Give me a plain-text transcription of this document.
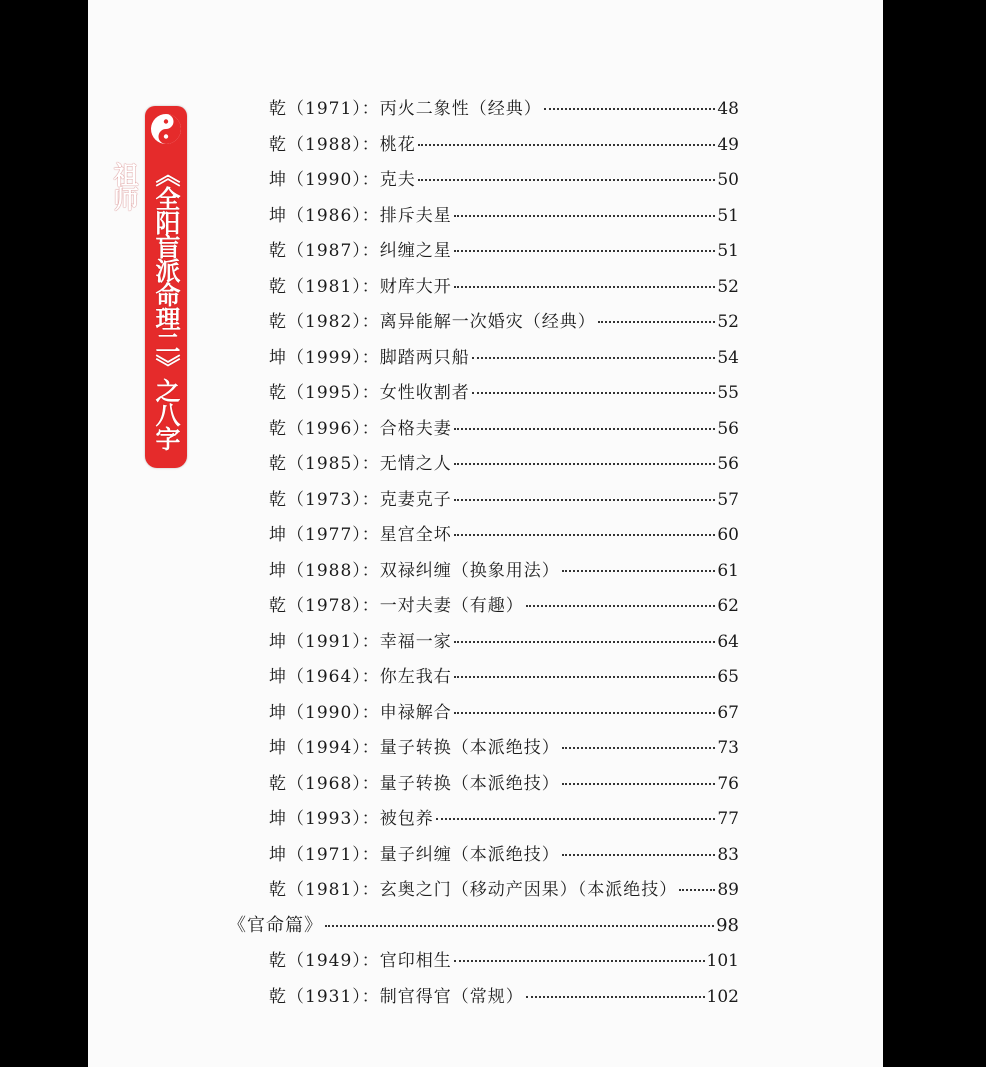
《全阳盲派命理二》之八字祖师
乾（1971）：丙火二象性（经典）	48
乾（1988）：桃花	49
坤（1990）：克夫	50
坤（1986）：排斥夫星	51
乾（1987）：纠缠之星	51
乾（1981）：财库大开	52
乾（1982）：离异能解一次婚灾（经典）	52
坤（1999）：脚踏两只船	54
乾（1995）：女性收割者	55
乾（1996）：合格夫妻	56
乾（1985）：无情之人	56
乾（1973）：克妻克子	57
坤（1977）：星宫全坏	60
坤（1988）：双禄纠缠（换象用法）	61
乾（1978）：一对夫妻（有趣）	62
坤（1991）：幸福一家	64
坤（1964）：你左我右	65
坤（1990）：申禄解合	67
坤（1994）：量子转换（本派绝技）	73
乾（1968）：量子转换（本派绝技）	76
坤（1993）：被包养	77
坤（1971）：量子纠缠（本派绝技）	83
乾（1981）：玄奥之门（移动产因果）（本派绝技） 89
《官命篇》	98
乾（1949）：官印相生	101
乾（1931）：制官得官（常规）	102
